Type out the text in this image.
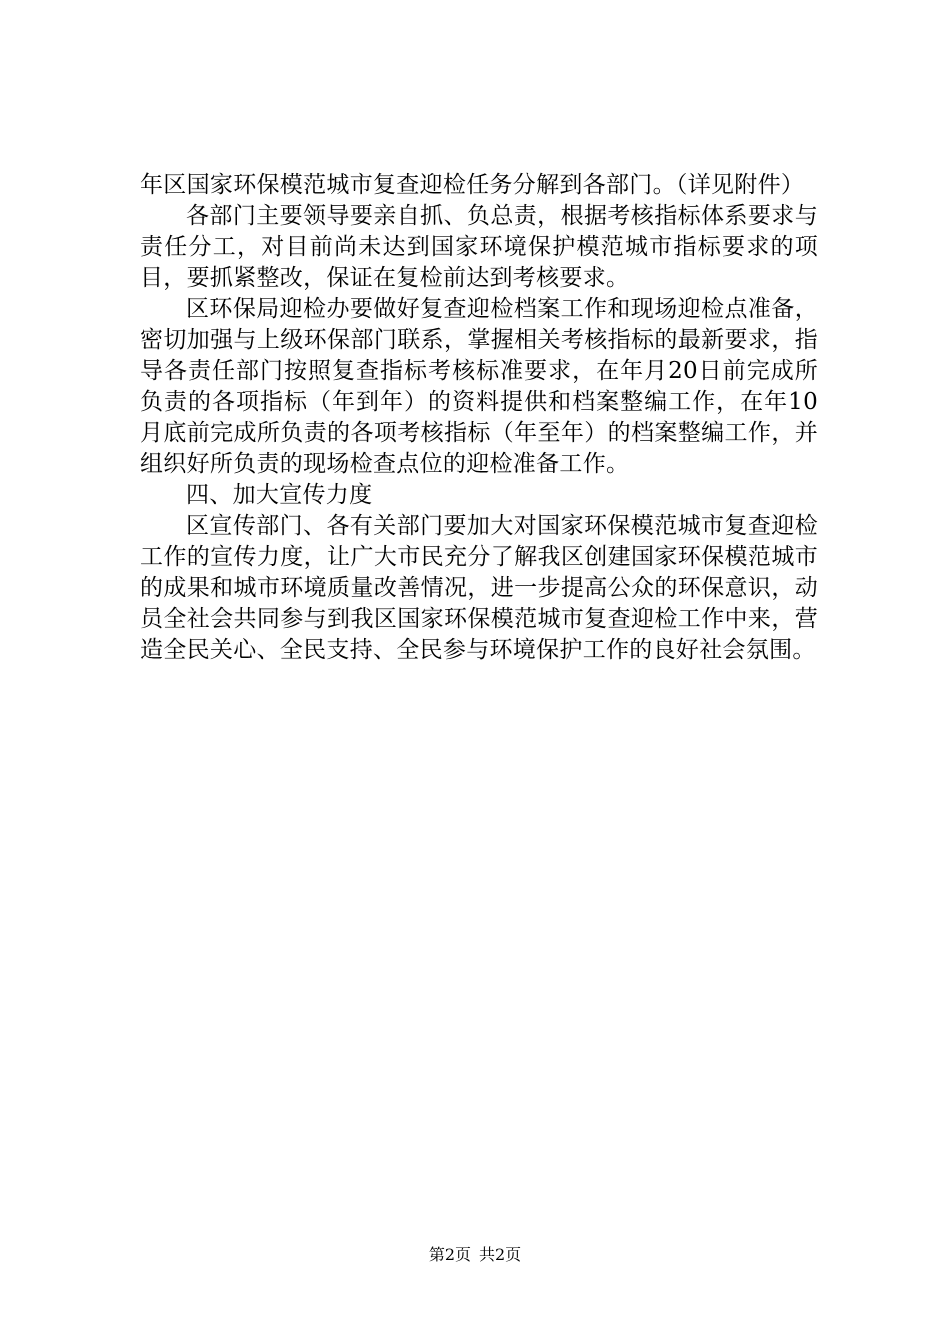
年区国家环保模范城市复查迎检任务分解到各部门。（详见附件）

各部门主要领导要亲自抓、负总责，根据考核指标体系要求与责任分工，对目前尚未达到国家环境保护模范城市指标要求的项目，要抓紧整改，保证在复检前达到考核要求。

区环保局迎检办要做好复查迎检档案工作和现场迎检点准备，密切加强与上级环保部门联系，掌握相关考核指标的最新要求，指导各责任部门按照复查指标考核标准要求，在年月20日前完成所负责的各项指标（年到年）的资料提供和档案整编工作，在年10月底前完成所负责的各项考核指标（年至年）的档案整编工作，并组织好所负责的现场检查点位的迎检准备工作。

四、加大宣传力度

区宣传部门、各有关部门要加大对国家环保模范城市复查迎检工作的宣传力度，让广大市民充分了解我区创建国家环保模范城市的成果和城市环境质量改善情况，进一步提高公众的环保意识，动员全社会共同参与到我区国家环保模范城市复查迎检工作中来，营造全民关心、全民支持、全民参与环境保护工作的良好社会氛围。

第2页 共2页
